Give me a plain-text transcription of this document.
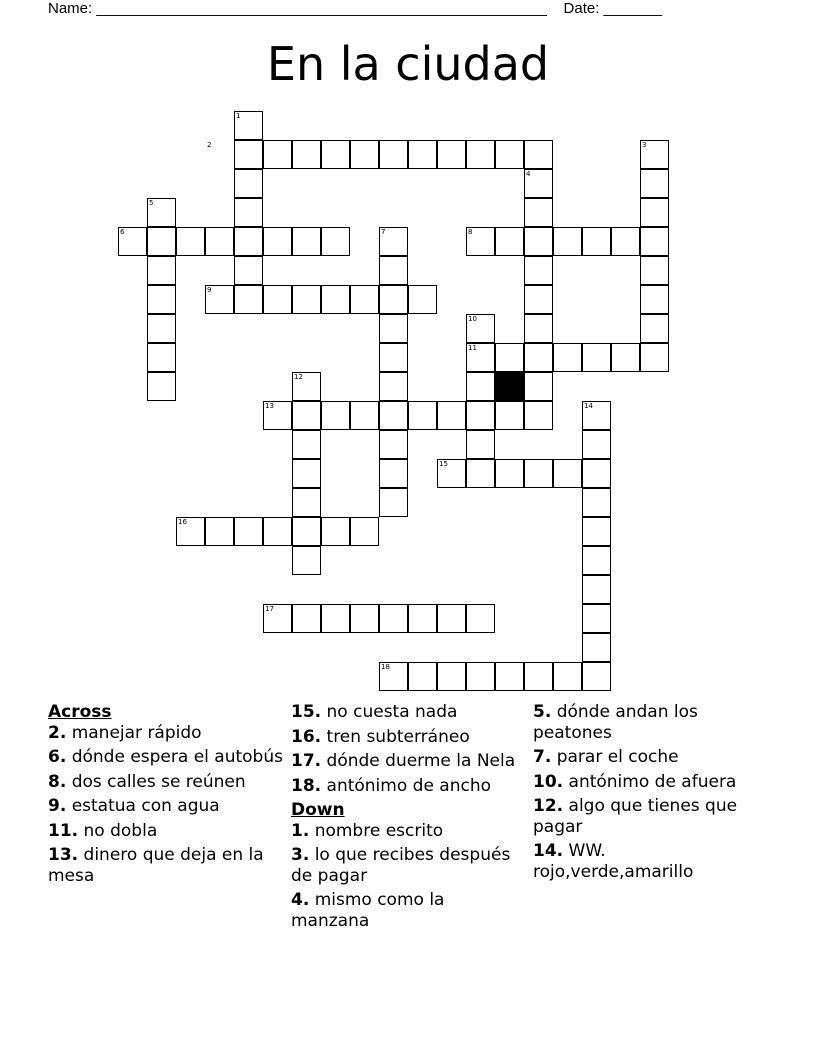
Name: ______________________________________________________ Date: _______
En la ciudad
1
2	3
4
5
6	7	8
9
10
11
12
13	14
15
16
17
18
Across
2. manejar rápido
6. dónde espera el autobús
8. dos calles se reúnen
9. estatua con agua
11. no dobla
13. dinero que deja en la mesa
15. no cuesta nada
16. tren subterráneo
17. dónde duerme la Nela
18. antónimo de ancho
Down
1. nombre escrito
3. lo que recibes después de pagar
4. mismo como la manzana
5. dónde andan los peatones
7. parar el coche
10. antónimo de afuera
12. algo que tienes que pagar
14. WW. rojo,verde,amarillo
